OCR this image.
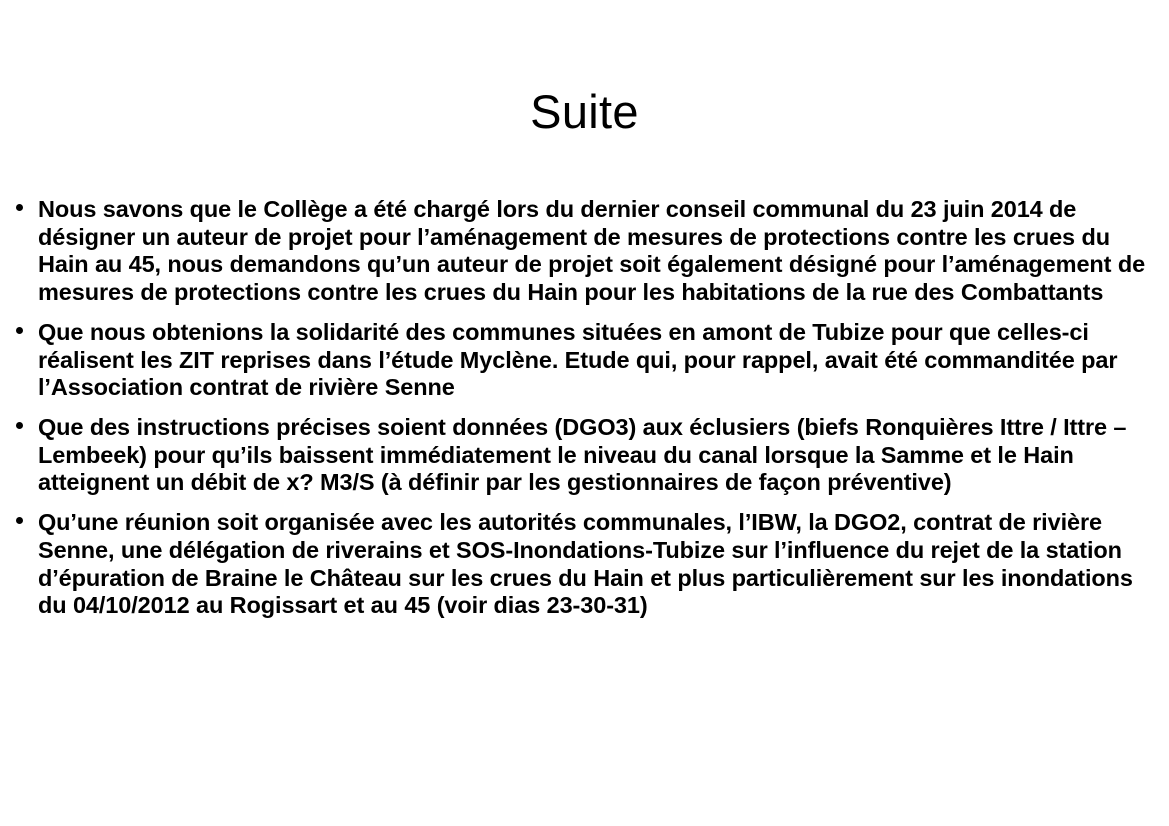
Suite
Nous savons que le Collège a été chargé lors du dernier conseil communal du 23 juin 2014 de désigner un auteur de projet pour l’aménagement de mesures de protections contre les crues du Hain au 45, nous demandons qu’un auteur de projet soit également désigné pour l’aménagement de mesures de protections contre les crues du Hain pour les habitations de la rue des Combattants
Que nous obtenions la solidarité des communes situées en amont de Tubize pour que celles-ci réalisent les ZIT reprises dans l’étude Myclène. Etude qui, pour rappel, avait été commanditée par l’Association contrat de rivière Senne
Que des instructions précises soient données (DGO3) aux éclusiers (biefs Ronquières Ittre / Ittre – Lembeek) pour qu’ils baissent immédiatement le niveau du canal lorsque la Samme et le Hain atteignent un débit de x? M3/S (à définir par les gestionnaires de façon préventive)
Qu’une réunion soit organisée avec les autorités communales, l’IBW, la DGO2, contrat de rivière Senne, une délégation de riverains et SOS-Inondations-Tubize sur l’influence du rejet de la station d’épuration de Braine le Château sur les crues du Hain et plus particulièrement sur les inondations du 04/10/2012 au Rogissart et au 45 (voir dias 23-30-31)
